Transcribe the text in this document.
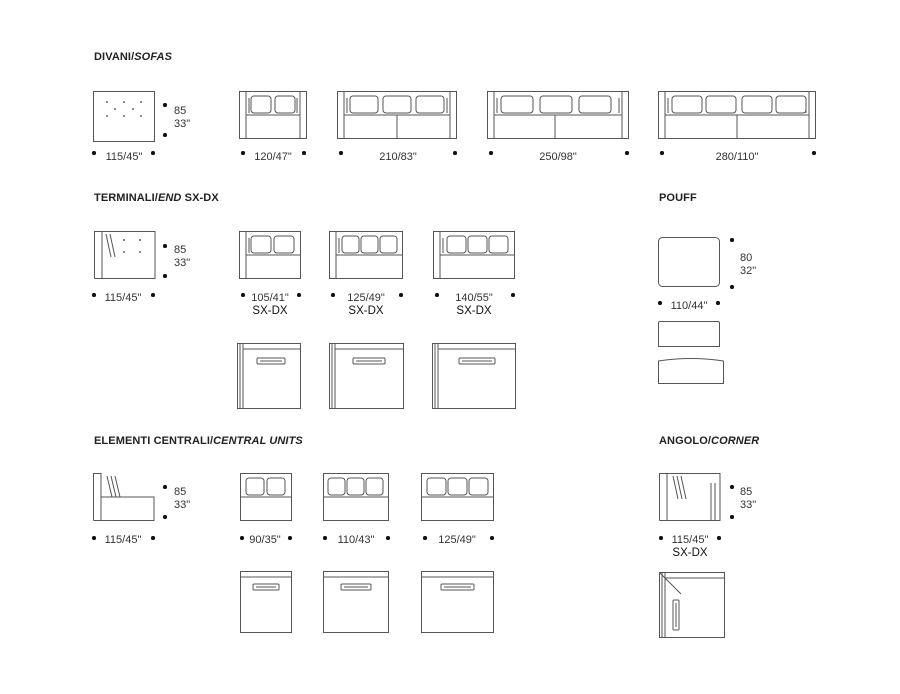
DIVANI/SOFAS
TERMINALI/END SX-DX	POUFF
ELEMENTI CENTRALI/CENTRAL UNITS	ANGOLO/CORNER
85
33"
115/45"	120/47"	210/83"	250/98"	280/110"
85
33"
115/45"	105/41"
SX-DX
125/49"
SX-DX
140/55"
SX-DX
80
32"
110/44"
85
33"
115/45"	90/35"	110/43"	125/49"
85
33"
115/45"
SX-DX
